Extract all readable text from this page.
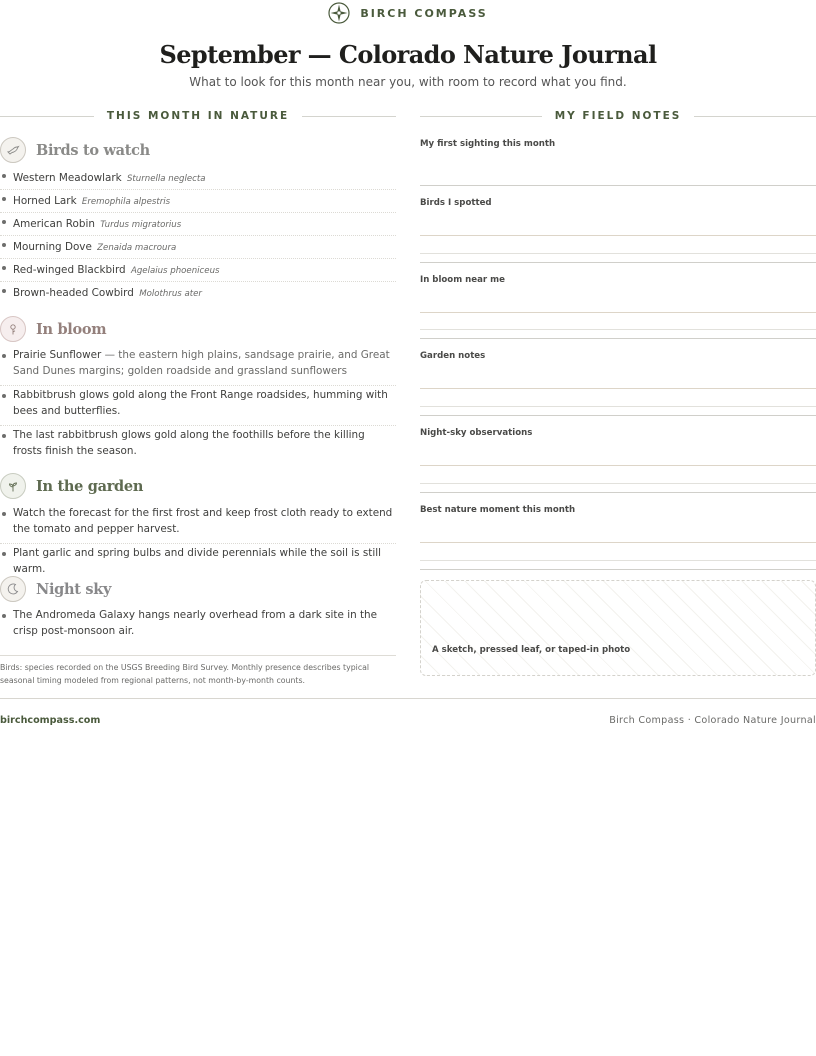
BIRCH COMPASS
September — Colorado Nature Journal
What to look for this month near you, with room to record what you find.
THIS MONTH IN NATURE	MY FIELD NOTES
Birds to watch
Western Meadowlark Sturnella neglecta
Horned Lark Eremophila alpestris
American Robin Turdus migratorius
Mourning Dove Zenaida macroura
Red-winged Blackbird Agelaius phoeniceus
Brown-headed Cowbird Molothrus ater
In bloom
Prairie Sunflower — the eastern high plains, sandsage prairie, and Great Sand Dunes margins; golden roadside and grassland sunflowers
Rabbitbrush glows gold along the Front Range roadsides, humming with bees and butterflies.
The last rabbitbrush glows gold along the foothills before the killing frosts finish the season.
In the garden
Watch the forecast for the first frost and keep frost cloth ready to extend the tomato and pepper harvest.
Plant garlic and spring bulbs and divide perennials while the soil is still warm.
Night sky
The Andromeda Galaxy hangs nearly overhead from a dark site in the crisp post-monsoon air.
Birds: species recorded on the USGS Breeding Bird Survey. Monthly presence describes typical seasonal timing modeled from regional patterns, not month-by-month counts.
My first sighting this month
Birds I spotted
In bloom near me
Garden notes
Night-sky observations
Best nature moment this month
A sketch, pressed leaf, or taped-in photo
birchcompass.com	Birch Compass · Colorado Nature Journal
